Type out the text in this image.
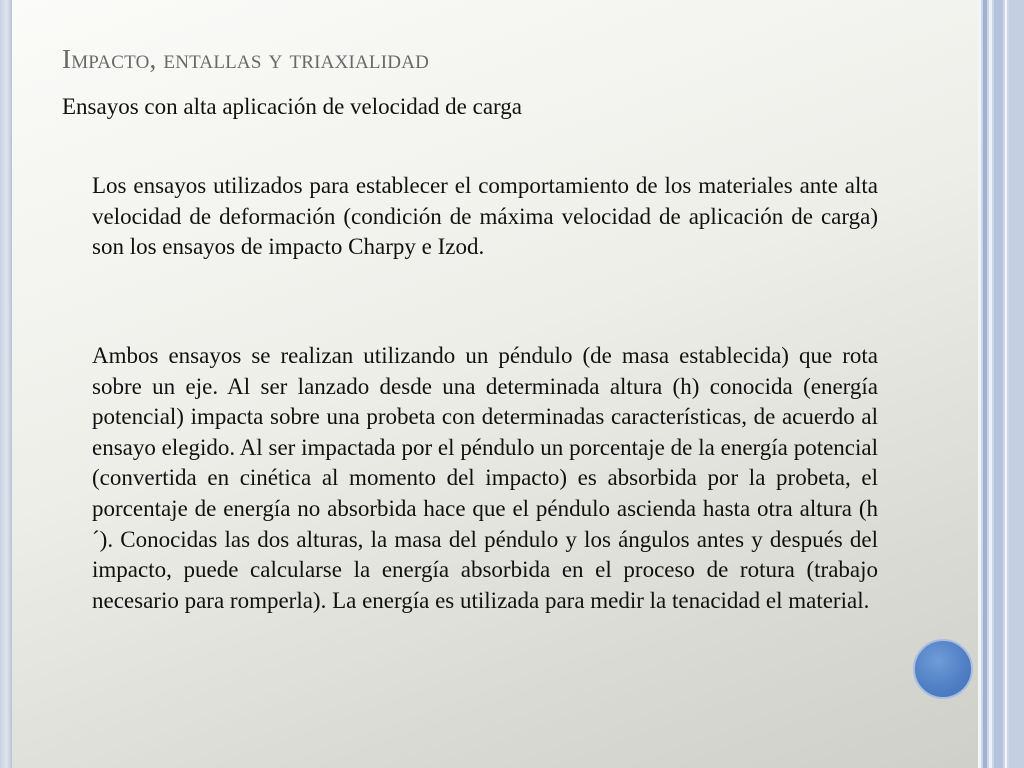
Impacto, entallas y triaxialidad
Ensayos con alta aplicación de velocidad de carga

Los ensayos utilizados para establecer el comportamiento de los materiales ante alta velocidad de deformación (condición de máxima velocidad de aplicación de carga) son los ensayos de impacto Charpy e Izod.

Ambos ensayos se realizan utilizando un péndulo (de masa establecida) que rota sobre un eje. Al ser lanzado desde una determinada altura (h) conocida (energía potencial) impacta sobre una probeta con determinadas características, de acuerdo al ensayo elegido. Al ser impactada por el péndulo un porcentaje de la energía potencial (convertida en cinética al momento del impacto) es absorbida por la probeta, el porcentaje de energía no absorbida hace que el péndulo ascienda hasta otra altura (h´). Conocidas las dos alturas, la masa del péndulo y los ángulos antes y después del impacto, puede calcularse la energía absorbida en el proceso de rotura (trabajo necesario para romperla). La energía es utilizada para medir la tenacidad el material.
